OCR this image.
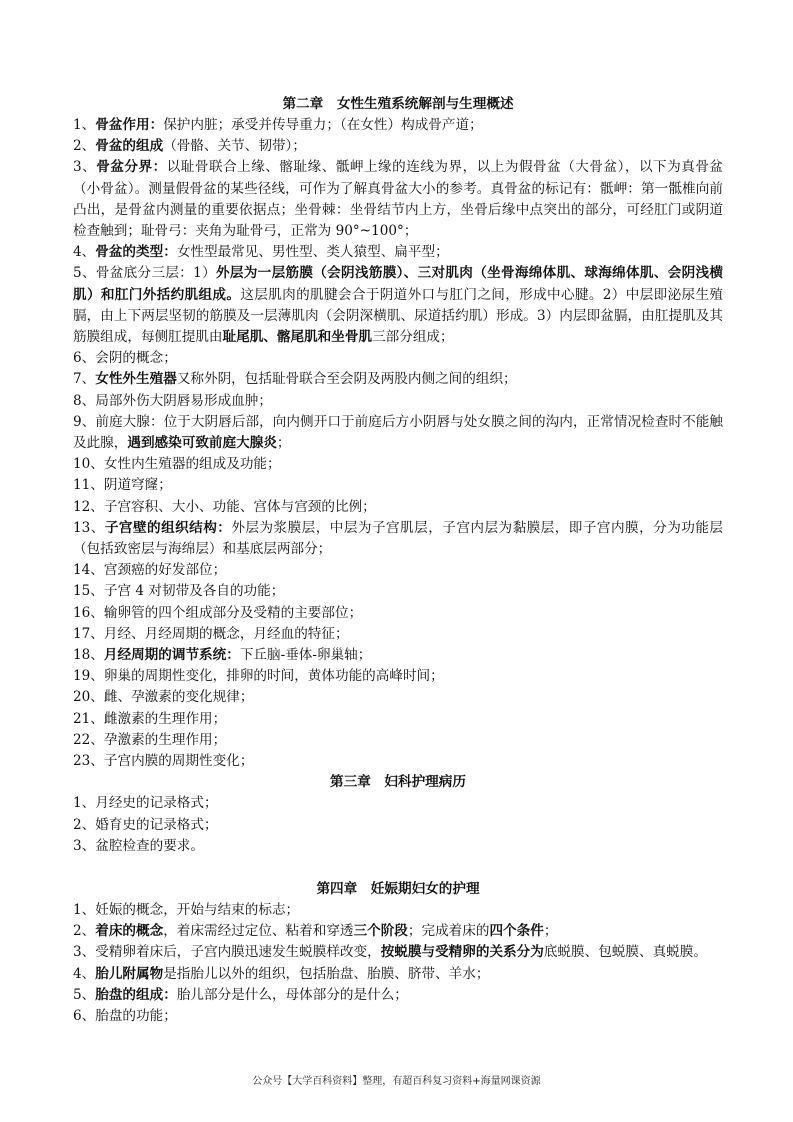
第二章　女性生殖系统解剖与生理概述

1、骨盆作用：保护内脏；承受并传导重力；（在女性）构成骨产道；

2、骨盆的组成（骨骼、关节、韧带）；

3、骨盆分界：以耻骨联合上缘、髂耻缘、骶岬上缘的连线为界，以上为假骨盆（大骨盆），以下为真骨盆（小骨盆）。测量假骨盆的某些径线，可作为了解真骨盆大小的参考。真骨盆的标记有：骶岬：第一骶椎向前凸出，是骨盆内测量的重要依据点；坐骨棘：坐骨结节内上方，坐骨后缘中点突出的部分，可经肛门或阴道检查触到；耻骨弓：夹角为耻骨弓，正常为 90°~100°；

4、骨盆的类型：女性型最常见、男性型、类人猿型、扁平型；

5、骨盆底分三层：1）外层为一层筋膜（会阴浅筋膜）、三对肌肉（坐骨海绵体肌、球海绵体肌、会阴浅横肌）和肛门外括约肌组成。这层肌肉的肌腱会合于阴道外口与肛门之间，形成中心腱。2）中层即泌尿生殖膈，由上下两层坚韧的筋膜及一层薄肌肉（会阴深横肌、尿道括约肌）形成。3）内层即盆膈，由肛提肌及其筋膜组成，每侧肛提肌由耻尾肌、髂尾肌和坐骨肌三部分组成；

6、会阴的概念；

7、女性外生殖器又称外阴，包括耻骨联合至会阴及两股内侧之间的组织；

8、局部外伤大阴唇易形成血肿；

9、前庭大腺：位于大阴唇后部，向内侧开口于前庭后方小阴唇与处女膜之间的沟内，正常情况检查时不能触及此腺，遇到感染可致前庭大腺炎；

10、女性内生殖器的组成及功能；

11、阴道穹窿；

12、子宫容积、大小、功能、宫体与宫颈的比例；

13、子宫壁的组织结构：外层为浆膜层，中层为子宫肌层，子宫内层为黏膜层，即子宫内膜，分为功能层（包括致密层与海绵层）和基底层两部分；

14、宫颈癌的好发部位；

15、子宫 4 对韧带及各自的功能；

16、输卵管的四个组成部分及受精的主要部位；

17、月经、月经周期的概念，月经血的特征；

18、月经周期的调节系统：下丘脑-垂体-卵巢轴；

19、卵巢的周期性变化，排卵的时间，黄体功能的高峰时间；

20、雌、孕激素的变化规律；

21、雌激素的生理作用；

22、孕激素的生理作用；

23、子宫内膜的周期性变化；

第三章　妇科护理病历

1、月经史的记录格式；

2、婚育史的记录格式；

3、盆腔检查的要求。

第四章　妊娠期妇女的护理

1、妊娠的概念，开始与结束的标志；

2、着床的概念，着床需经过定位、粘着和穿透三个阶段；完成着床的四个条件；

3、受精卵着床后，子宫内膜迅速发生蜕膜样改变，按蜕膜与受精卵的关系分为底蜕膜、包蜕膜、真蜕膜。

4、胎儿附属物是指胎儿以外的组织，包括胎盘、胎膜、脐带、羊水；

5、胎盘的组成：胎儿部分是什么，母体部分的是什么；

6、胎盘的功能；

公众号【大学百科资料】整理，有超百科复习资料+海量网课资源
